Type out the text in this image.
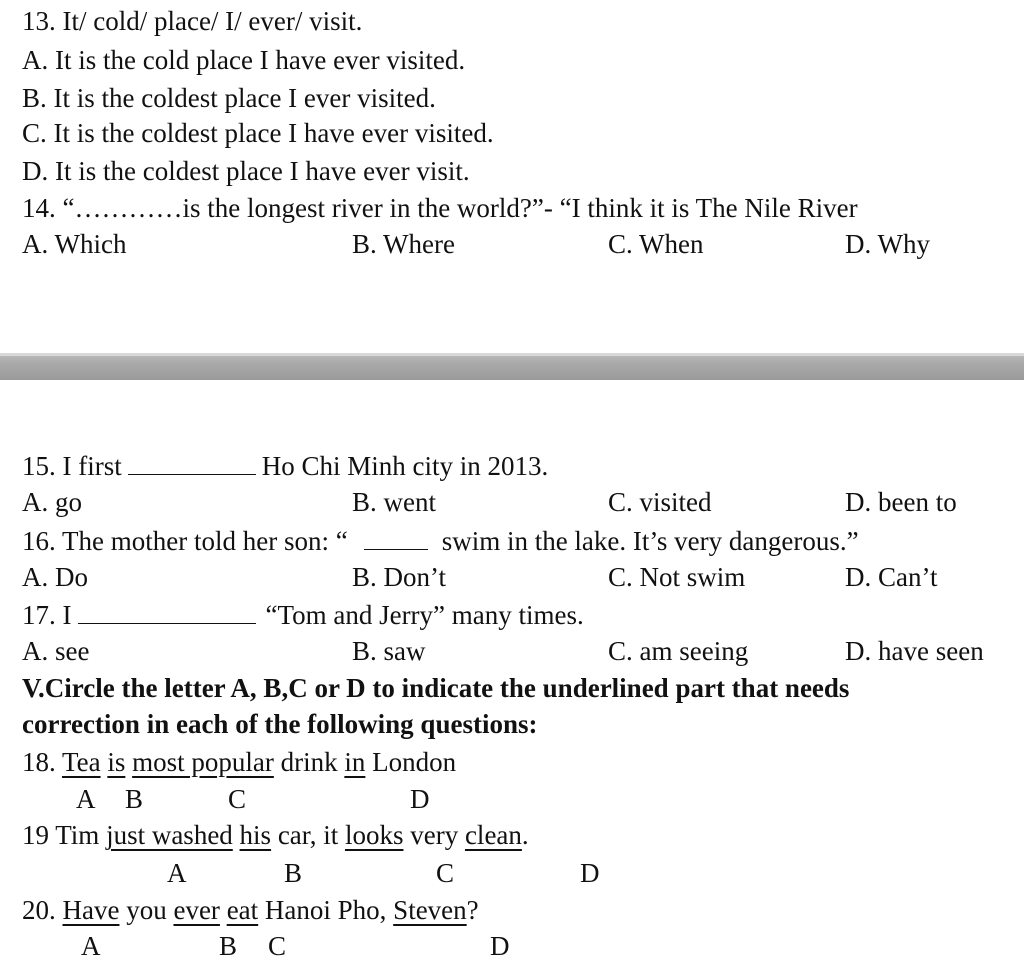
13. It/ cold/ place/ I/ ever/ visit.
A. It is the cold place I have ever visited.
B. It is the coldest place I ever visited.
C. It is the coldest place I have ever visited.
D. It is the coldest place I have ever visit.
14. “…………is the longest river in the world?”- “I think it is The Nile River
A. Which	B. Where	C. When	D. Why
15. I first	Ho Chi Minh city in 2013.
A. go	B. went	C. visited	D. been to
16. The mother told her son: “	swim in the lake. It’s very dangerous.”
A. Do	B. Don’t	C. Not swim	D. Can’t
17. I	“Tom and Jerry” many times.
A. see	B. saw	C. am seeing	D. have seen
V.Circle the letter A, B,C or D to indicate the underlined part that needs
correction in each of the following questions:
18. Tea is most popular drink in London
A B	C	D
19 Tim just washed his car, it looks very clean.
A	B	C	D
20. Have you ever eat Hanoi Pho, Steven?
A	B C	D
